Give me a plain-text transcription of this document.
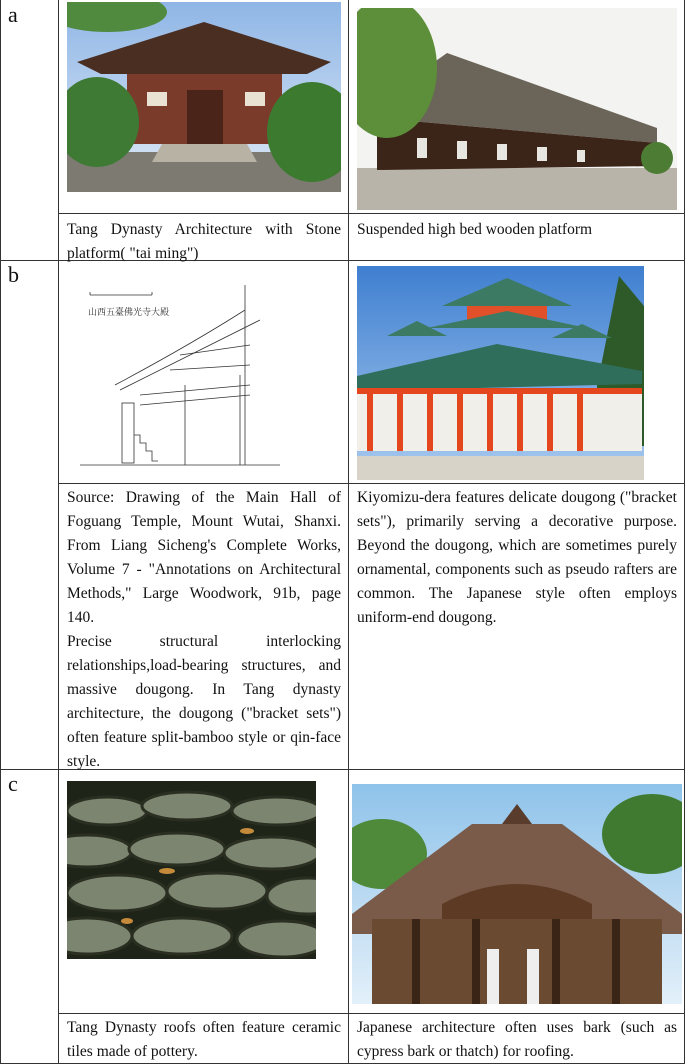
a
Tang Dynasty Architecture with Stone platform( "tai ming")
Suspended high bed wooden platform
b
山西五臺佛光寺大殿
Source: Drawing of the Main Hall of Foguang Temple, Mount Wutai, Shanxi. From Liang Sicheng's Complete Works, Volume 7 - "Annotations on Architectural Methods," Large Woodwork, 91b, page 140.
Precise structural interlocking relationships,load-bearing structures, and massive dougong. In Tang dynasty architecture, the dougong ("bracket sets") often feature split-bamboo style or qin-face style.
Kiyomizu-dera features delicate dougong ("bracket sets"), primarily serving a decorative purpose. Beyond the dougong, which are sometimes purely ornamental, components such as pseudo rafters are common. The Japanese style often employs uniform-end dougong.
c
Tang Dynasty roofs often feature ceramic tiles made of pottery.
Japanese architecture often uses bark (such as cypress bark or thatch) for roofing.
